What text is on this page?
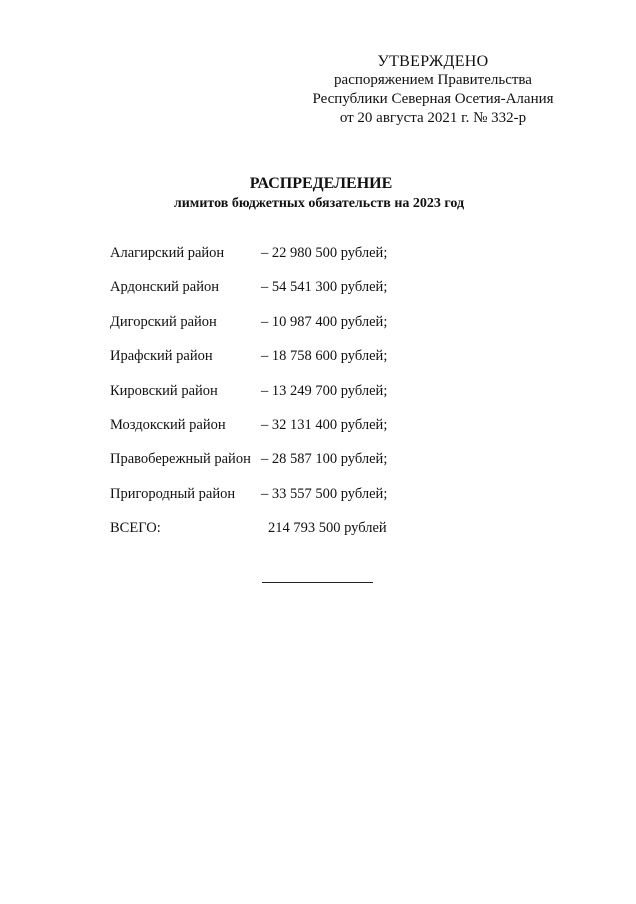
УТВЕРЖДЕНО
распоряжением Правительства
Республики Северная Осетия-Алания
от 20 августа 2021 г. № 332-р
РАСПРЕДЕЛЕНИЕ
лимитов бюджетных обязательств на 2023 год
Алагирский район	– 22 980 500 рублей;
Ардонский район	– 54 541 300 рублей;
Дигорский район	– 10 987 400 рублей;
Ирафский район	– 18 758 600 рублей;
Кировский район	– 13 249 700 рублей;
Моздокский район – 32 131 400 рублей;
Правобережный район – 28 587 100 рублей;
Пригородный район – 33 557 500 рублей;
ВСЕГО:	214 793 500 рублей
